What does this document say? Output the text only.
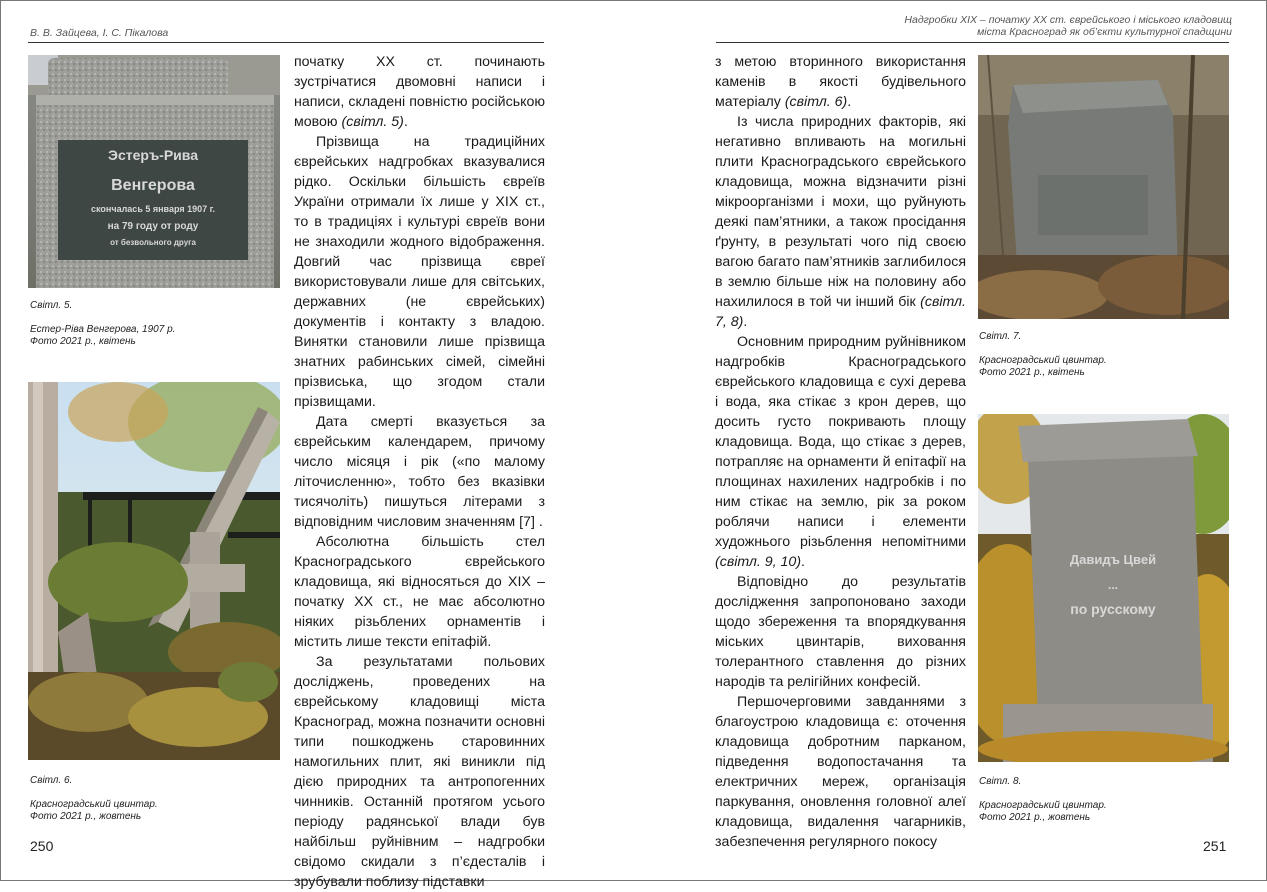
В. В. Зайцева, І. С. Пікалова
Надгробки ХІХ – початку ХХ ст. єврейського і міського кладовищ
міста Красноград як об’єкти культурної спадщини
Эстеръ-Рива
Венгерова
скончалась 5 января 1907 г.
на 79 году от роду
от безвольного друга
Світл. 5.
Естер-Ріва Венгерова, 1907 р.
Фото 2021 р., квітень
Світл. 6.
Красноградський цвинтар.
Фото 2021 р., жовтень

початку ХХ ст. починають зустрічатися двомовні написи і написи, складені повністю російською мовою (світл. 5).

Прізвища на традиційних єврейських надгробках вказувалися рідко. Оскільки більшість євреїв України отримали їх лише у ХІХ ст., то в традиціях і культурі євреїв вони не знаходили жодного відображення. Довгий час прізвища євреї використовували лише для світських, державних (не єврейських) документів і контакту з владою. Винятки становили лише прізвища знатних рабинських сімей, сімейні прізвиська, що згодом стали прізвищами.

Дата смерті вказується за єврейським календарем, причому число місяця і рік («по малому літочисленню», тобто без вказівки тисячоліть) пишуться літерами з відповідним числовим значенням [7] .

Абсолютна більшість стел Красноградського єврейського кладовища, які відносяться до ХІХ – початку ХХ ст., не має абсолютно ніяких різьблених орнаментів і містить лише тексти епітафій.

За результатами польових досліджень, проведених на єврейському кладовищі міста Красноград, можна позначити основні типи пошкоджень старовинних намогильних плит, які виникли під дією природних та антропогенних чинників. Останній протягом усього періоду радянської влади був найбільш руйнівним – надгробки свідомо скидали з п’єдесталів і зрубували поблизу підставки

250

з метою вторинного використання каменів в якості будівельного матеріалу (світл. 6).

Із числа природних факторів, які негативно впливають на могильні плити Красноградського єврейського кладовища, можна відзначити різні мікроорганізми і мохи, що руйнують деякі пам’ятники, а також просідання ґрунту, в результаті чого під своєю вагою багато пам’ятників заглибилося в землю більше ніж на половину або нахилилося в той чи інший бік (світл. 7, 8).

Основним природним руйнівником надгробків Красноградського єврейського кладовища є сухі дерева і вода, яка стікає з крон дерев, що досить густо покривають площу кладовища. Вода, що стікає з дерев, потрапляє на орнаменти й епітафії на площинах нахилених надгробків і по ним стікає на землю, рік за роком роблячи написи і елементи художнього різьблення непомітними (світл. 9, 10).

Відповідно до результатів дослідження запропоновано заходи щодо збереження та впорядкування міських цвинтарів, виховання толерантного ставлення до різних народів та релігійних конфесій.

Першочерговими завданнями з благоустрою кладовища є: оточення кладовища добротним парканом, підведення водопостачання та електричних мереж, організація паркування, оновлення головної алеї кладовища, видалення чагарників, забезпечення регулярного покосу

Світл. 7.
Красноградський цвинтар.
Фото 2021 р., квітень
Давидъ Цвей
...
по русскому
Світл. 8.
Красноградський цвинтар.
Фото 2021 р., жовтень
251
